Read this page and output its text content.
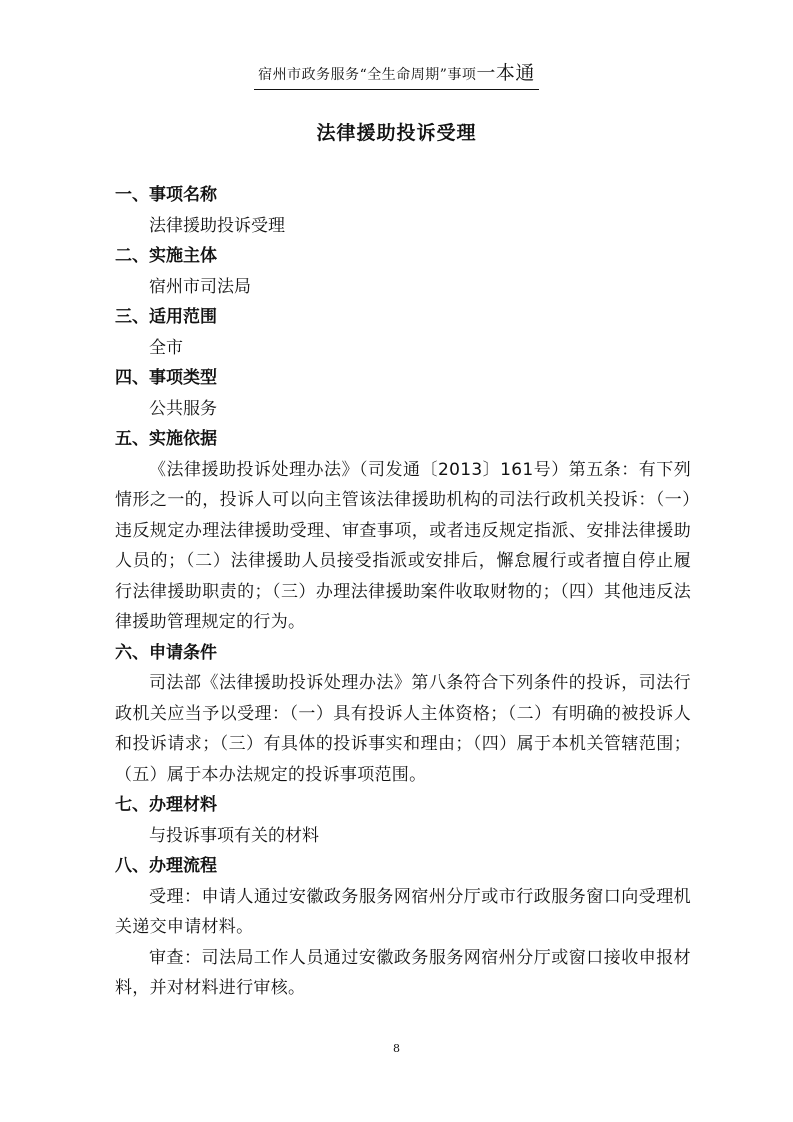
宿州市政务服务“全生命周期”事项一本通
法律援助投诉受理
一、事项名称
法律援助投诉受理
二、实施主体
宿州市司法局
三、适用范围
全市
四、事项类型
公共服务
五、实施依据
《法律援助投诉处理办法》（司发通〔2013〕161号）第五条：有下列情形之一的，投诉人可以向主管该法律援助机构的司法行政机关投诉：（一）违反规定办理法律援助受理、审查事项，或者违反规定指派、安排法律援助人员的；（二）法律援助人员接受指派或安排后，懈怠履行或者擅自停止履行法律援助职责的；（三）办理法律援助案件收取财物的；（四）其他违反法律援助管理规定的行为。
六、申请条件
司法部《法律援助投诉处理办法》第八条符合下列条件的投诉，司法行政机关应当予以受理：（一）具有投诉人主体资格；（二）有明确的被投诉人和投诉请求；（三）有具体的投诉事实和理由；（四）属于本机关管辖范围；（五）属于本办法规定的投诉事项范围。
七、办理材料
与投诉事项有关的材料
八、办理流程
受理：申请人通过安徽政务服务网宿州分厅或市行政服务窗口向受理机关递交申请材料。
审查：司法局工作人员通过安徽政务服务网宿州分厅或窗口接收申报材料，并对材料进行审核。
8
